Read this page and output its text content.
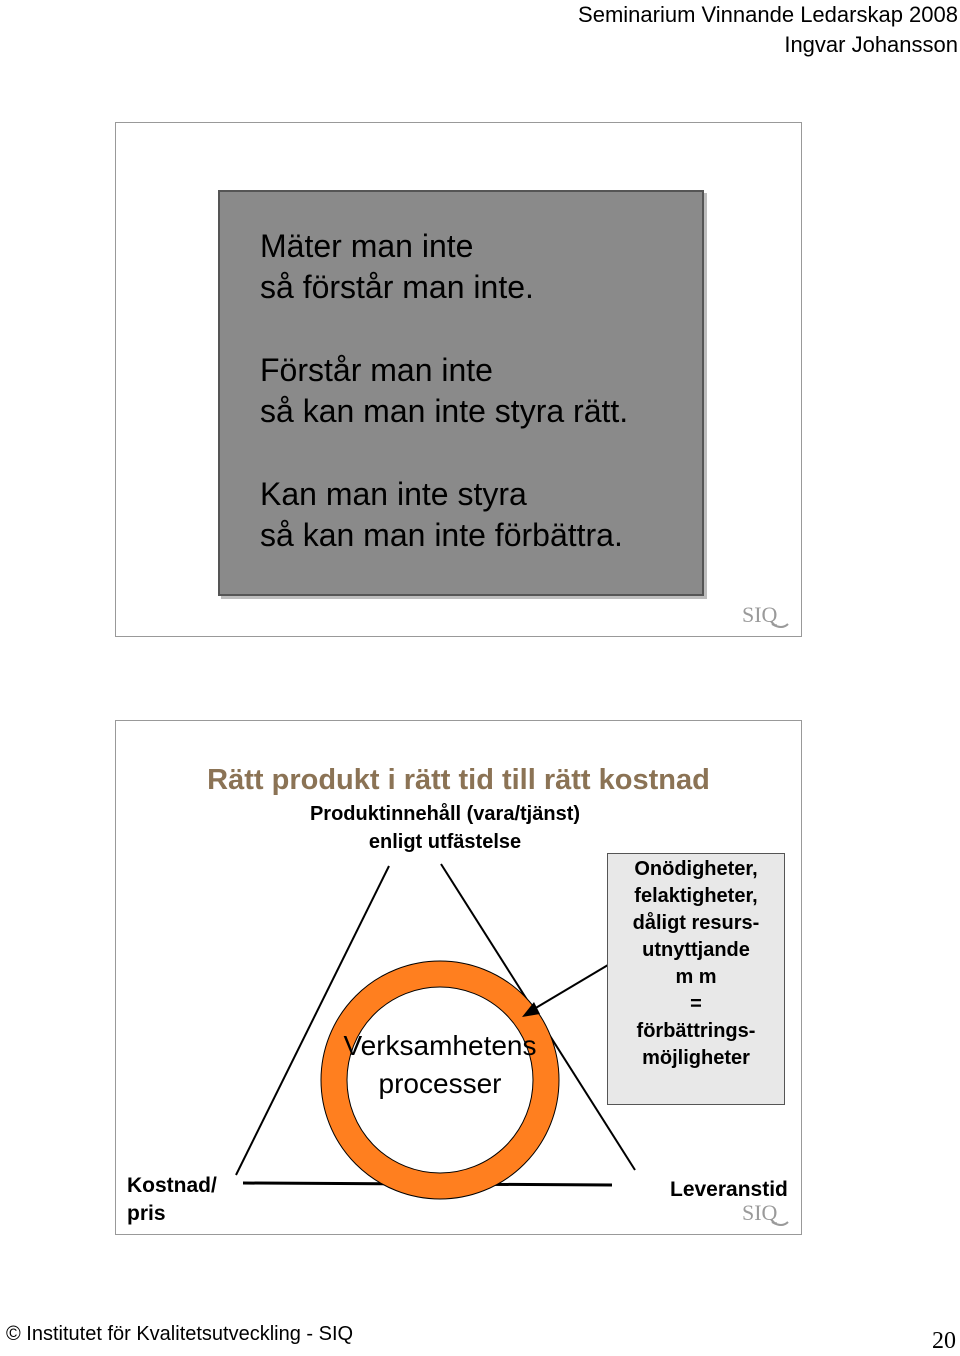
Seminarium Vinnande Ledarskap 2008
Ingvar Johansson

Mäter man inte
så förstår man inte.

Förstår man inte
så kan man inte styra rätt.

Kan man inte styra
så kan man inte förbättra.

SIQ
Rätt produkt i rätt tid till rätt kostnad
Produktinnehåll (vara/tjänst)
enligt utfästelse
Verksamhetens
processer
Onödigheter,
felaktigheter,
dåligt resurs-
utnyttjande
m m
=
förbättrings-
möjligheter
Kostnad/
pris
Leveranstid
SIQ
© Institutet för Kvalitetsutveckling - SIQ	20
